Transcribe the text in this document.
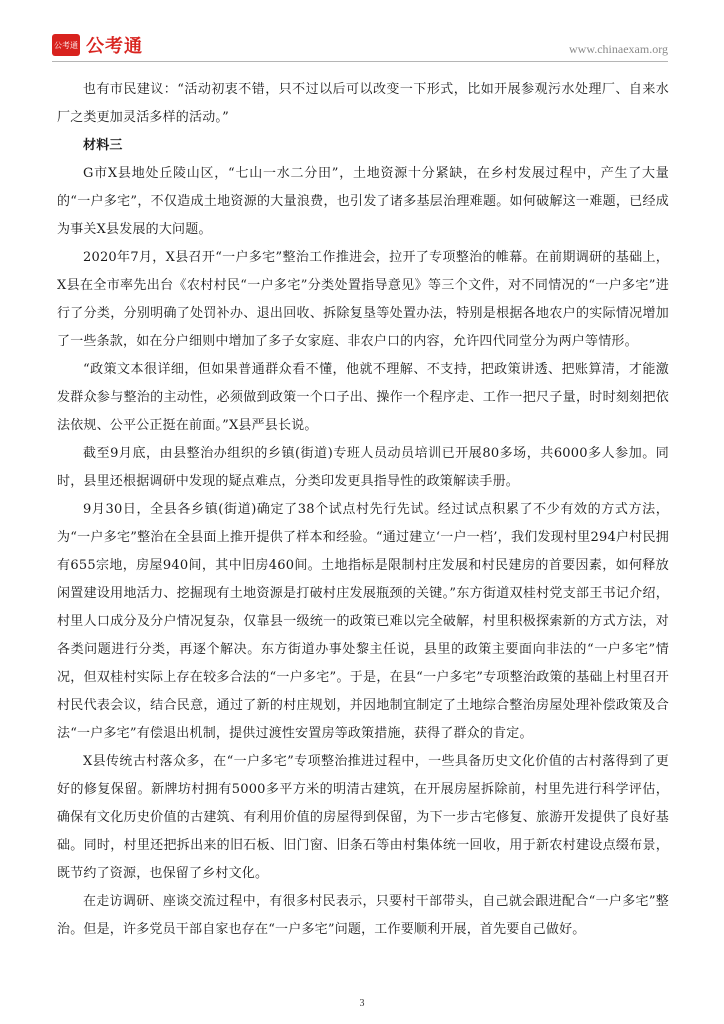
公考通 公考通	www.chinaexam.org

也有市民建议：“活动初衷不错，只不过以后可以改变一下形式，比如开展参观污水处理厂、自来水厂之类更加灵活多样的活动。”

材料三

G市X县地处丘陵山区，“七山一水二分田”，土地资源十分紧缺，在乡村发展过程中，产生了大量的“一户多宅”，不仅造成土地资源的大量浪费，也引发了诸多基层治理难题。如何破解这一难题，已经成为事关X县发展的大问题。

2020年7月，X县召开“一户多宅”整治工作推进会，拉开了专项整治的帷幕。在前期调研的基础上，X县在全市率先出台《农村村民“一户多宅”分类处置指导意见》等三个文件，对不同情况的“一户多宅”进行了分类，分别明确了处罚补办、退出回收、拆除复垦等处置办法，特别是根据各地农户的实际情况增加了一些条款，如在分户细则中增加了多子女家庭、非农户口的内容，允许四代同堂分为两户等情形。

“政策文本很详细，但如果普通群众看不懂，他就不理解、不支持，把政策讲透、把账算清，才能激发群众参与整治的主动性，必须做到政策一个口子出、操作一个程序走、工作一把尺子量，时时刻刻把依法依规、公平公正挺在前面。”X县严县长说。

截至9月底，由县整治办组织的乡镇(街道)专班人员动员培训已开展80多场，共6000多人参加。同时，县里还根据调研中发现的疑点难点，分类印发更具指导性的政策解读手册。

9月30日，全县各乡镇(街道)确定了38个试点村先行先试。经过试点积累了不少有效的方式方法，为“一户多宅”整治在全县面上推开提供了样本和经验。“通过建立‘一户一档’，我们发现村里294户村民拥有655宗地，房屋940间，其中旧房460间。土地指标是限制村庄发展和村民建房的首要因素，如何释放闲置建设用地活力、挖掘现有土地资源是打破村庄发展瓶颈的关键。”东方街道双桂村党支部王书记介绍，村里人口成分及分户情况复杂，仅靠县一级统一的政策已难以完全破解，村里积极探索新的方式方法，对各类问题进行分类，再逐个解决。东方街道办事处黎主任说，县里的政策主要面向非法的“一户多宅”情况，但双桂村实际上存在较多合法的“一户多宅”。于是，在县“一户多宅”专项整治政策的基础上村里召开村民代表会议，结合民意，通过了新的村庄规划，并因地制宜制定了土地综合整治房屋处理补偿政策及合法“一户多宅”有偿退出机制，提供过渡性安置房等政策措施，获得了群众的肯定。

X县传统古村落众多，在“一户多宅”专项整治推进过程中，一些具备历史文化价值的古村落得到了更好的修复保留。新牌坊村拥有5000多平方米的明清古建筑，在开展房屋拆除前，村里先进行科学评估，确保有文化历史价值的古建筑、有利用价值的房屋得到保留，为下一步古宅修复、旅游开发提供了良好基础。同时，村里还把拆出来的旧石板、旧门窗、旧条石等由村集体统一回收，用于新农村建设点缀布景，既节约了资源，也保留了乡村文化。

在走访调研、座谈交流过程中，有很多村民表示，只要村干部带头，自己就会跟进配合“一户多宅”整治。但是，许多党员干部自家也存在“一户多宅”问题，工作要顺利开展，首先要自己做好。

3
